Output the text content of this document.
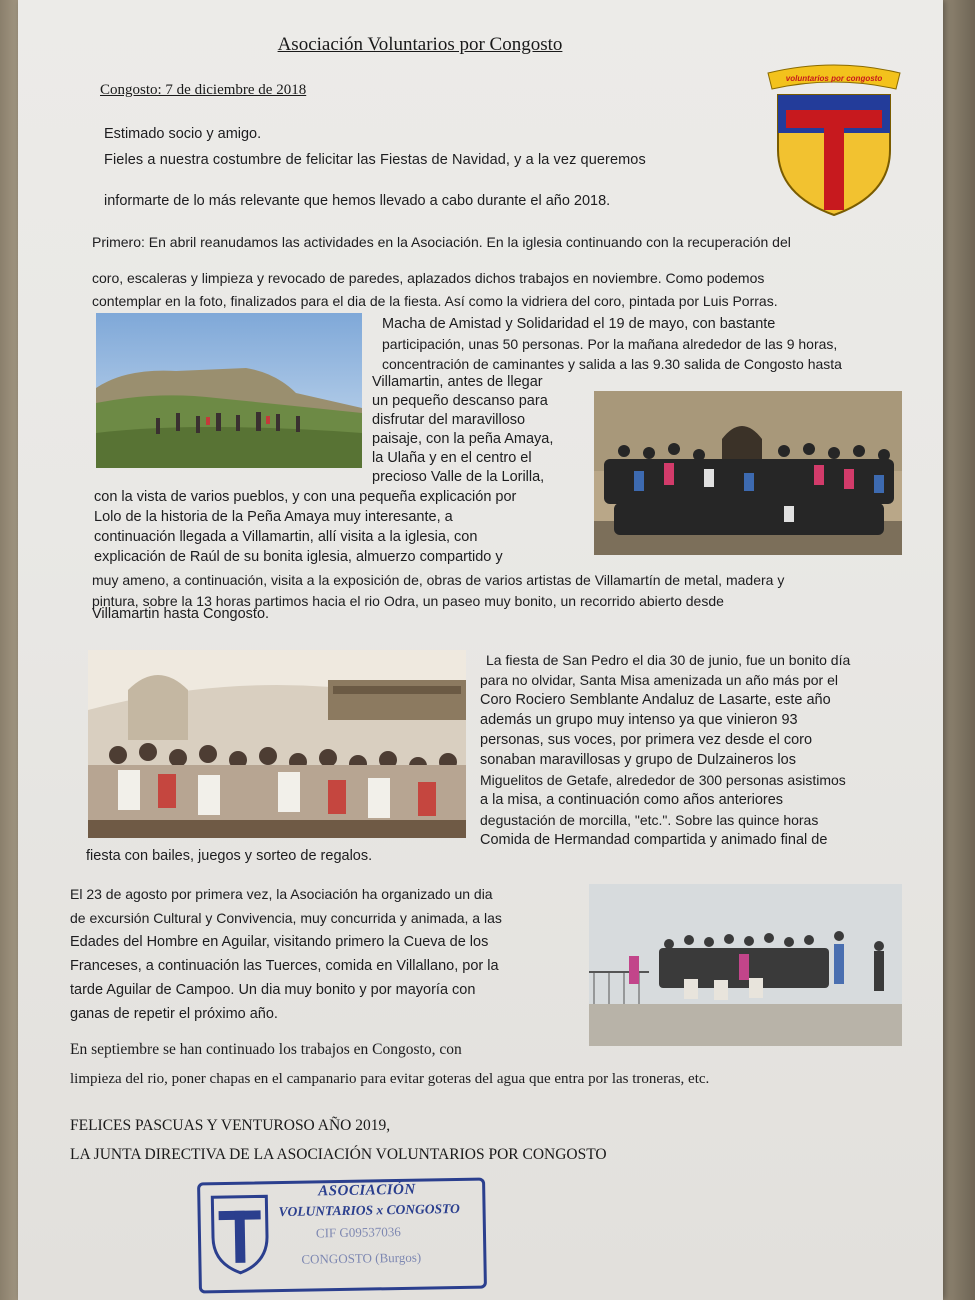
Asociación Voluntarios por Congosto
Congosto: 7 de diciembre de 2018
voluntarios por congosto
Estimado socio y amigo.
Fieles a nuestra costumbre de felicitar las Fiestas de Navidad, y a la vez queremos
informarte de lo más relevante que hemos llevado a cabo durante el año 2018.
Primero: En abril reanudamos las actividades en la Asociación. En la iglesia continuando con la recuperación del
coro, escaleras y limpieza y revocado de paredes, aplazados dichos trabajos en noviembre. Como podemos
contemplar en la foto, finalizados para el dia de la fiesta. Así como la vidriera del coro, pintada por Luis Porras.
Macha de Amistad y Solidaridad el 19 de mayo, con bastante
participación, unas 50 personas. Por la mañana alrededor de las 9 horas,
concentración de caminantes y salida a las 9.30 salida de Congosto hasta
Villamartin, antes de llegar
un pequeño descanso para
disfrutar del maravilloso
paisaje, con la peña Amaya,
la Ulaña y en el centro el
precioso Valle de la Lorilla,
con la vista de varios pueblos, y con una pequeña explicación por
Lolo de la historia de la Peña Amaya muy interesante, a
continuación llegada a Villamartin, allí visita a la iglesia, con
explicación de Raúl de su bonita iglesia, almuerzo compartido y
muy ameno, a continuación, visita a la exposición de, obras de varios artistas de Villamartín de metal, madera y
pintura, sobre la 13 horas partimos hacia el rio Odra, un paseo muy bonito, un recorrido abierto desde
Villamartin hasta Congosto.
La fiesta de San Pedro el dia 30 de junio, fue un bonito día
para no olvidar, Santa Misa amenizada un año más por el
Coro Rociero Semblante Andaluz de Lasarte, este año
además un grupo muy intenso ya que vinieron 93
personas, sus voces, por primera vez desde el coro
sonaban maravillosas y grupo de Dulzaineros los
Miguelitos de Getafe, alrededor de 300 personas asistimos
a la misa, a continuación como años anteriores
degustación de morcilla, "etc.". Sobre las quince horas
Comida de Hermandad compartida y animado final de
fiesta con bailes, juegos y sorteo de regalos.
El 23 de agosto por primera vez, la Asociación ha organizado un dia
de excursión Cultural y Convivencia, muy concurrida y animada, a las
Edades del Hombre en Aguilar, visitando primero la Cueva de los
Franceses, a continuación las Tuerces, comida en Villallano, por la
tarde Aguilar de Campoo. Un dia muy bonito y por mayoría con
ganas de repetir el próximo año.
En septiembre se han continuado los trabajos en Congosto, con
limpieza del rio, poner chapas en el campanario para evitar goteras del agua que entra por las troneras, etc.
FELICES PASCUAS Y VENTUROSO AÑO 2019,
LA JUNTA DIRECTIVA DE LA ASOCIACIÓN VOLUNTARIOS POR CONGOSTO
ASOCIACIÓN
VOLUNTARIOS x CONGOSTO
CIF G09537036
CONGOSTO (Burgos)
